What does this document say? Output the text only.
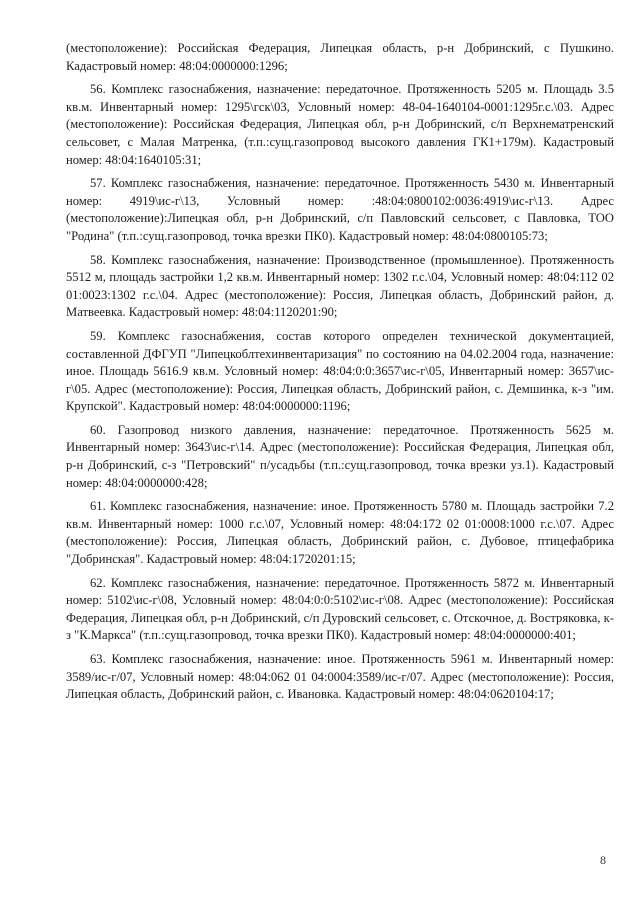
(местоположение): Российская Федерация, Липецкая область, р-н Добринский, с Пушкино. Кадастровый номер: 48:04:0000000:1296;

56. Комплекс газоснабжения, назначение: передаточное. Протяженность 5205 м. Площадь 3.5 кв.м. Инвентарный номер: 1295\гск\03, Условный номер: 48-04-1640104-0001:1295г.с.\03. Адрес (местоположение): Российская Федерация, Липецкая обл, р-н Добринский, с/п Верхнематренский сельсовет, с Малая Матренка, (т.п.:сущ.газопровод высокого давления ГК1+179м). Кадастровый номер: 48:04:1640105:31;

57. Комплекс газоснабжения, назначение: передаточное. Протяженность 5430 м. Инвентарный номер: 4919\ис-г\13, Условный номер: :48:04:0800102:0036:4919\ис-г\13. Адрес (местоположение):Липецкая обл, р-н Добринский, с/п Павловский сельсовет, с Павловка, ТОО "Родина" (т.п.:сущ.газопровод, точка врезки ПК0). Кадастровый номер: 48:04:0800105:73;

58. Комплекс газоснабжения, назначение: Производственное (промышленное). Протяженность 5512 м, площадь застройки 1,2 кв.м. Инвентарный номер: 1302 г.с.\04, Условный номер: 48:04:112 02 01:0023:1302 г.с.\04. Адрес (местоположение): Россия, Липецкая область, Добринский район, д. Матвеевка. Кадастровый номер: 48:04:1120201:90;

59. Комплекс газоснабжения, состав которого определен технической документацией, составленной ДФГУП "Липецкоблтехинвентаризация" по состоянию на 04.02.2004 года, назначение: иное. Площадь 5616.9 кв.м. Условный номер: 48:04:0:0:3657\ис-г\05, Инвентарный номер: 3657\ис-г\05. Адрес (местоположение): Россия, Липецкая область, Добринский район, с. Демшинка, к-з "им. Крупской". Кадастровый номер: 48:04:0000000:1196;

60. Газопровод низкого давления, назначение: передаточное. Протяженность 5625 м. Инвентарный номер: 3643\ис-г\14. Адрес (местоположение): Российская Федерация, Липецкая обл, р-н Добринский, с-з "Петровский" п/усадьбы (т.п.:сущ.газопровод, точка врезки уз.1). Кадастровый номер: 48:04:0000000:428;

61. Комплекс газоснабжения, назначение: иное. Протяженность 5780 м. Площадь застройки 7.2 кв.м. Инвентарный номер: 1000 г.с.\07, Условный номер: 48:04:172 02 01:0008:1000 г.с.\07. Адрес (местоположение): Россия, Липецкая область, Добринский район, с. Дубовое, птицефабрика "Добринская". Кадастровый номер: 48:04:1720201:15;

62. Комплекс газоснабжения, назначение: передаточное. Протяженность 5872 м. Инвентарный номер: 5102\ис-г\08, Условный номер: 48:04:0:0:5102\ис-г\08. Адрес (местоположение): Российская Федерация, Липецкая обл, р-н Добринский, с/п Дуровский сельсовет, с. Отскочное, д. Востряковка, к-з "К.Маркса" (т.п.:сущ.газопровод, точка врезки ПК0). Кадастровый номер: 48:04:0000000:401;

63. Комплекс газоснабжения, назначение: иное. Протяженность 5961 м. Инвентарный номер: 3589/ис-г/07, Условный номер: 48:04:062 01 04:0004:3589/ис-г/07. Адрес (местоположение): Россия, Липецкая область, Добринский район, с. Ивановка. Кадастровый номер: 48:04:0620104:17;

8
